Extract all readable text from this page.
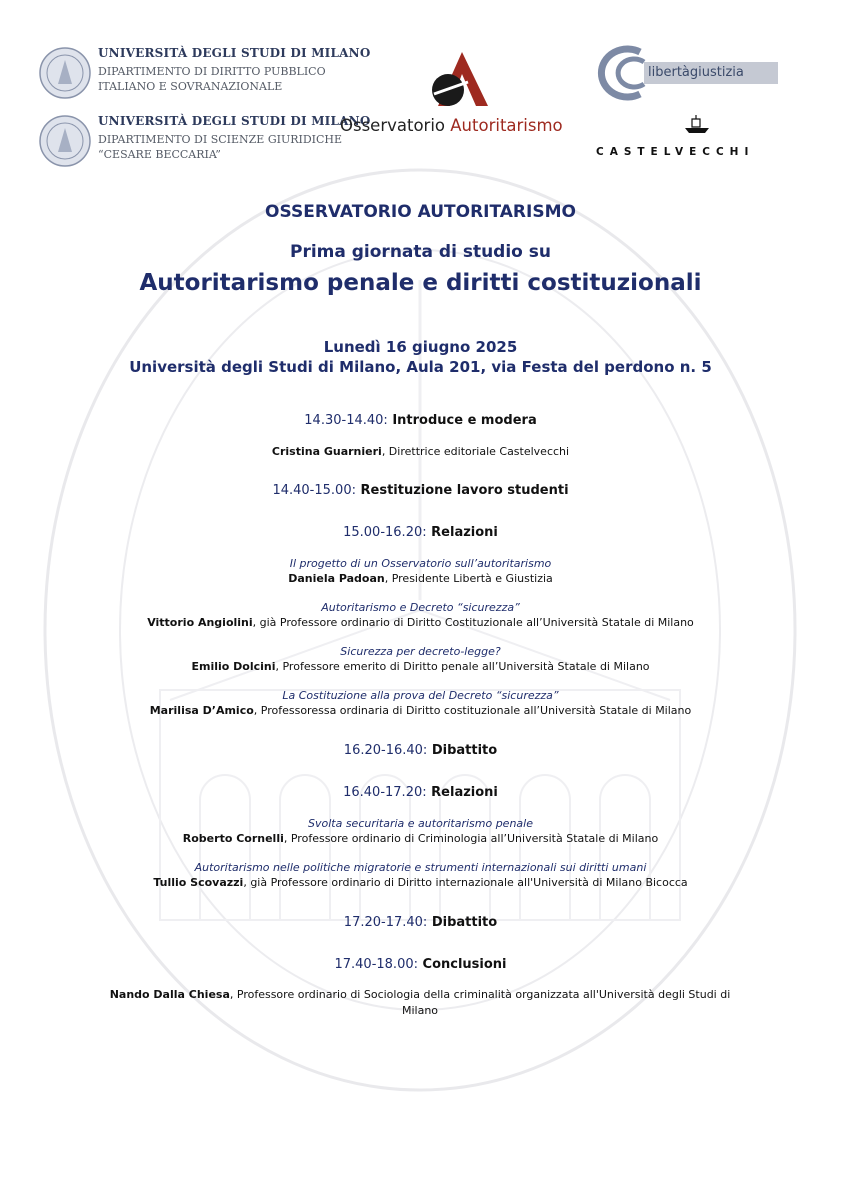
UNIVERSITÀ DEGLI STUDI DI MILANO
DIPARTIMENTO DI DIRITTO PUBBLICO
ITALIANO E SOVRANAZIONALE
UNIVERSITÀ DEGLI STUDI DI MILANO
DIPARTIMENTO DI SCIENZE GIURIDICHE
“CESARE BECCARIA”
Osservatorio Autoritarismo
libertàgiustizia
CASTELVECCHI
OSSERVATORIO AUTORITARISMO
Prima giornata di studio su
Autoritarismo penale e diritti costituzionali
Lunedì 16 giugno 2025
Università degli Studi di Milano, Aula 201, via Festa del perdono n. 5
14.30-14.40: Introduce e modera
Cristina Guarnieri, Direttrice editoriale Castelvecchi
14.40-15.00: Restituzione lavoro studenti
15.00-16.20: Relazioni
Il progetto di un Osservatorio sull’autoritarismo
Daniela Padoan, Presidente Libertà e Giustizia
Autoritarismo e Decreto “sicurezza”
Vittorio Angiolini, già Professore ordinario di Diritto Costituzionale all’Università Statale di Milano
Sicurezza per decreto-legge?
Emilio Dolcini, Professore emerito di Diritto penale all’Università Statale di Milano
La Costituzione alla prova del Decreto “sicurezza”
Marilisa D’Amico, Professoressa ordinaria di Diritto costituzionale all’Università Statale di Milano
16.20-16.40: Dibattito
16.40-17.20: Relazioni
Svolta securitaria e autoritarismo penale
Roberto Cornelli, Professore ordinario di Criminologia all’Università Statale di Milano
Autoritarismo nelle politiche migratorie e strumenti internazionali sui diritti umani
Tullio Scovazzi, già Professore ordinario di Diritto internazionale all'Università di Milano Bicocca
17.20-17.40: Dibattito
17.40-18.00: Conclusioni
Nando Dalla Chiesa, Professore ordinario di Sociologia della criminalità organizzata all'Università degli Studi di Milano
